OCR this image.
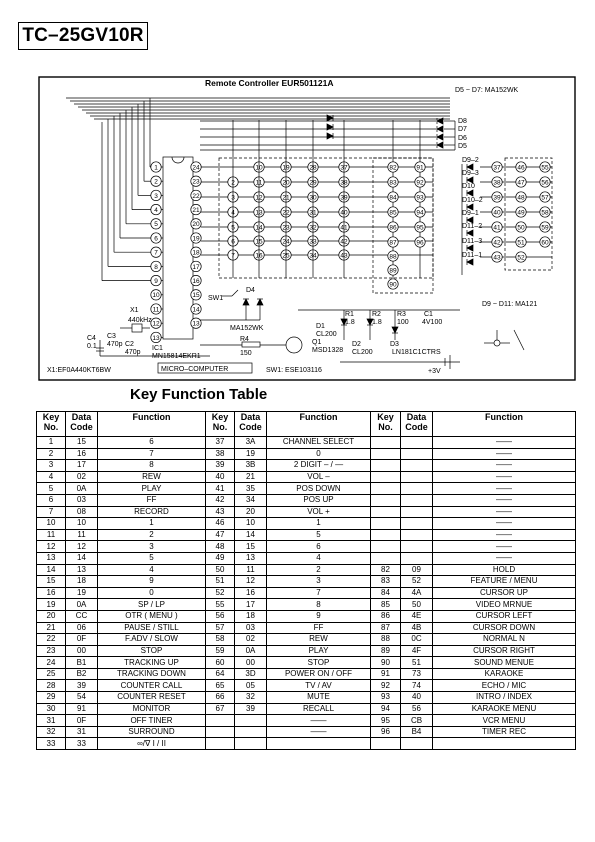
TC–25GV10R
Remote Controller EUR501121A
D5 ~ D7: MA152WK
1
2
3
4
5
6
7
8
9
10
11
12
13
24
23
22
21
20
19
18
17
16
15
14
13
10	19	28	37
2	11	20	29	38
3	12	21	30	39
4	13	22	31	40
5	14	23	32	41
6	15	24	33	42
7	16	25	34	43
82	91
83	92
84	93
85	94
86	95
87	96
88
89
90
37	46	55
38	47	56
39	48	57
40	49	58
41	50	59
42	51	60
43	52
D8
D7
D6
D5
D9–2
D9–3
D10
D10–2
D9–1
D11–2
D11–3
D11–1
D9 ~ D11: MA121
X1
440kHz
C4
0.1
C3
470p C2
470p
IC1
MN15814EKR1
SW1
MA152WK
D4
R4
150
Q1
MSD1328
D1
CL200
D2
CL200
D3
LN181C1CTRS
R1
1.8
R2
1.8
R3
100
C1
4V100
+3V
MICRO–COMPUTER
X1:EF0A440KT6BW	SW1: ESE103116
Key Function Table
Key No.	Data Code	Function	Key No.	Data Code	Function	Key No.	Data Code	Function
1	15	6	37	3A	CHANNEL SELECT			——
2	16	7	38	19	0			——
3	17	8	39	3B	2 DIGIT – / —			——
4	02	REW	40	21	VOL –			——
5	0A	PLAY	41	35	POS DOWN			——
6	03	FF	42	34	POS UP			——
7	08	RECORD	43	20	VOL +			——
10	10	1	46	10	1			——
11	11	2	47	14	5			——
12	12	3	48	15	6			——
13	14	5	49	13	4			——
14	13	4	50	11	2	82	09	HOLD
15	18	9	51	12	3	83	52	FEATURE / MENU
16	19	0	52	16	7	84	4A	CURSOR UP
19	0A	SP / LP	55	17	8	85	50	VIDEO MRNUE
20	CC	OTR ( MENU )	56	18	9	86	4E	CURSOR LEFT
21	06	PAUSE / STILL	57	03	FF	87	4B	CURSOR DOWN
22	0F	F.ADV / SLOW	58	02	REW	88	0C	NORMAL N
23	00	STOP	59	0A	PLAY	89	4F	CURSOR RIGHT
24	B1	TRACKING UP	60	00	STOP	90	51	SOUND MENUE
25	B2	TRACKING DOWN	64	3D	POWER ON / OFF	91	73	KARAOKE
28	39	COUNTER CALL	65	05	TV / AV	92	74	ECHO / MIC
29	54	COUNTER RESET	66	32	MUTE	93	40	INTRO / INDEX
30	91	MONITOR	67	39	RECALL	94	56	KARAOKE MENU
31	0F	OFF TINER			——	95	CB	VCR MENU
32	31	SURROUND			——	96	B4	TIMER REC
33	33	∞/∇ I / II						
